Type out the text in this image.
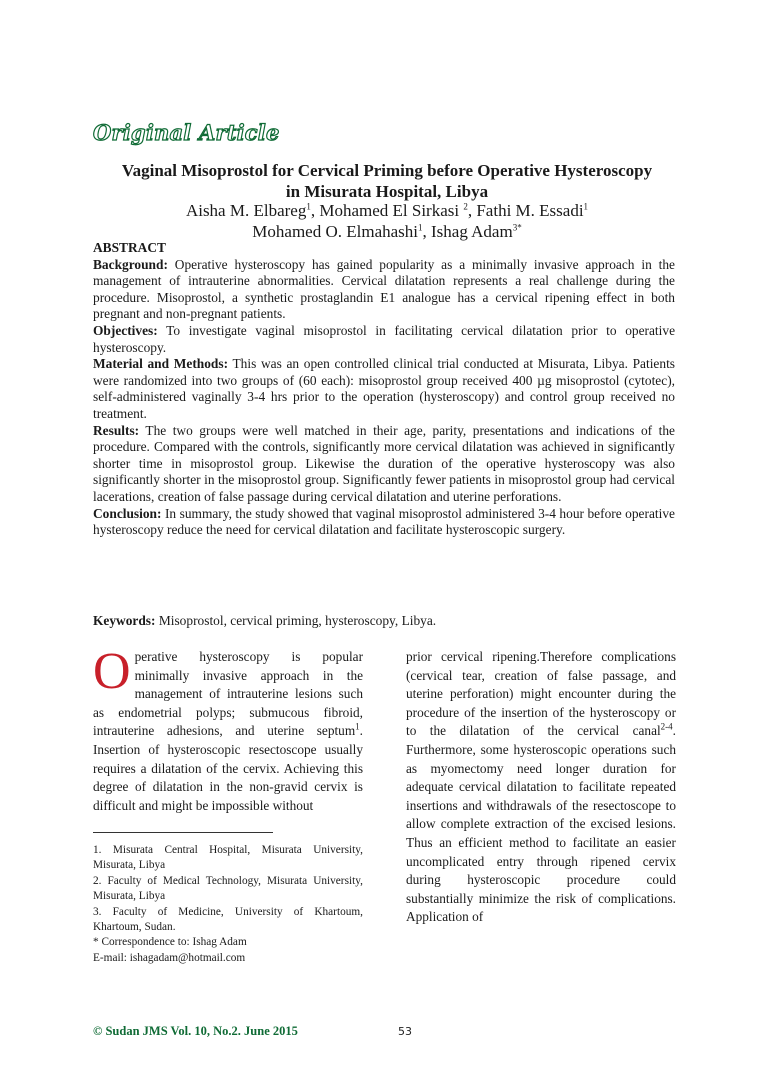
Original Article
Vaginal Misoprostol for Cervical Priming before Operative Hysteroscopy
in Misurata Hospital, Libya
Aisha M. Elbareg$^1$, Mohamed El Sirkasi $^2$, Fathi M. Essadi$^1$
Mohamed O. Elmahashi$^1$, Ishag Adam$^{3*}$

ABSTRACT

Background: Operative hysteroscopy has gained popularity as a minimally invasive approach in the management of intrauterine abnormalities. Cervical dilatation represents a real challenge during the procedure. Misoprostol, a synthetic prostaglandin E1 analogue has a cervical ripening effect in both pregnant and non-pregnant patients.

Objectives: To investigate vaginal misoprostol in facilitating cervical dilatation prior to operative hysteroscopy.

Material and Methods: This was an open controlled clinical trial conducted at Misurata, Libya. Patients were randomized into two groups of (60 each): misoprostol group received 400 µg misoprostol (cytotec), self-administered vaginally 3-4 hrs prior to the operation (hysteroscopy) and control group received no treatment.

Results: The two groups were well matched in their age, parity, presentations and indications of the procedure. Compared with the controls, significantly more cervical dilatation was achieved in significantly shorter time in misoprostol group. Likewise the duration of the operative hysteroscopy was also significantly shorter in the misoprostol group. Significantly fewer patients in misoprostol group had cervical lacerations, creation of false passage during cervical dilatation and uterine perforations.

Conclusion: In summary, the study showed that vaginal misoprostol administered 3-4 hour before operative hysteroscopy reduce the need for cervical dilatation and facilitate hysteroscopic surgery.

Keywords: Misoprostol, cervical priming, hysteroscopy, Libya.
Operative hysteroscopy is popular minimally invasive approach in the management of intrauterine lesions such as endometrial polyps; submucous fibroid, intrauterine adhesions, and uterine septum$^1$. Insertion of hysteroscopic resectoscope usually requires a dilatation of the cervix. Achieving this degree of dilatation in the non-gravid cervix is difficult and might be impossible without
prior cervical ripening.Therefore complications (cervical tear, creation of false passage, and uterine perforation) might encounter during the procedure of the insertion of the hysteroscopy or to the dilatation of the cervical canal$^{2-4}$. Furthermore, some hysteroscopic operations such as myomectomy need longer duration for adequate cervical dilatation to facilitate repeated insertions and withdrawals of the resectoscope to allow complete extraction of the excised lesions. Thus an efficient method to facilitate an easier uncomplicated entry through ripened cervix during hysteroscopic procedure could substantially minimize the risk of complications. Application of

1. Misurata Central Hospital, Misurata University, Misurata, Libya

2. Faculty of Medical Technology, Misurata University, Misurata, Libya

3. Faculty of Medicine, University of Khartoum, Khartoum, Sudan.

* Correspondence to: Ishag Adam

E-mail: ishagadam@hotmail.com

© Sudan JMS Vol. 10, No.2. June 2015	53
